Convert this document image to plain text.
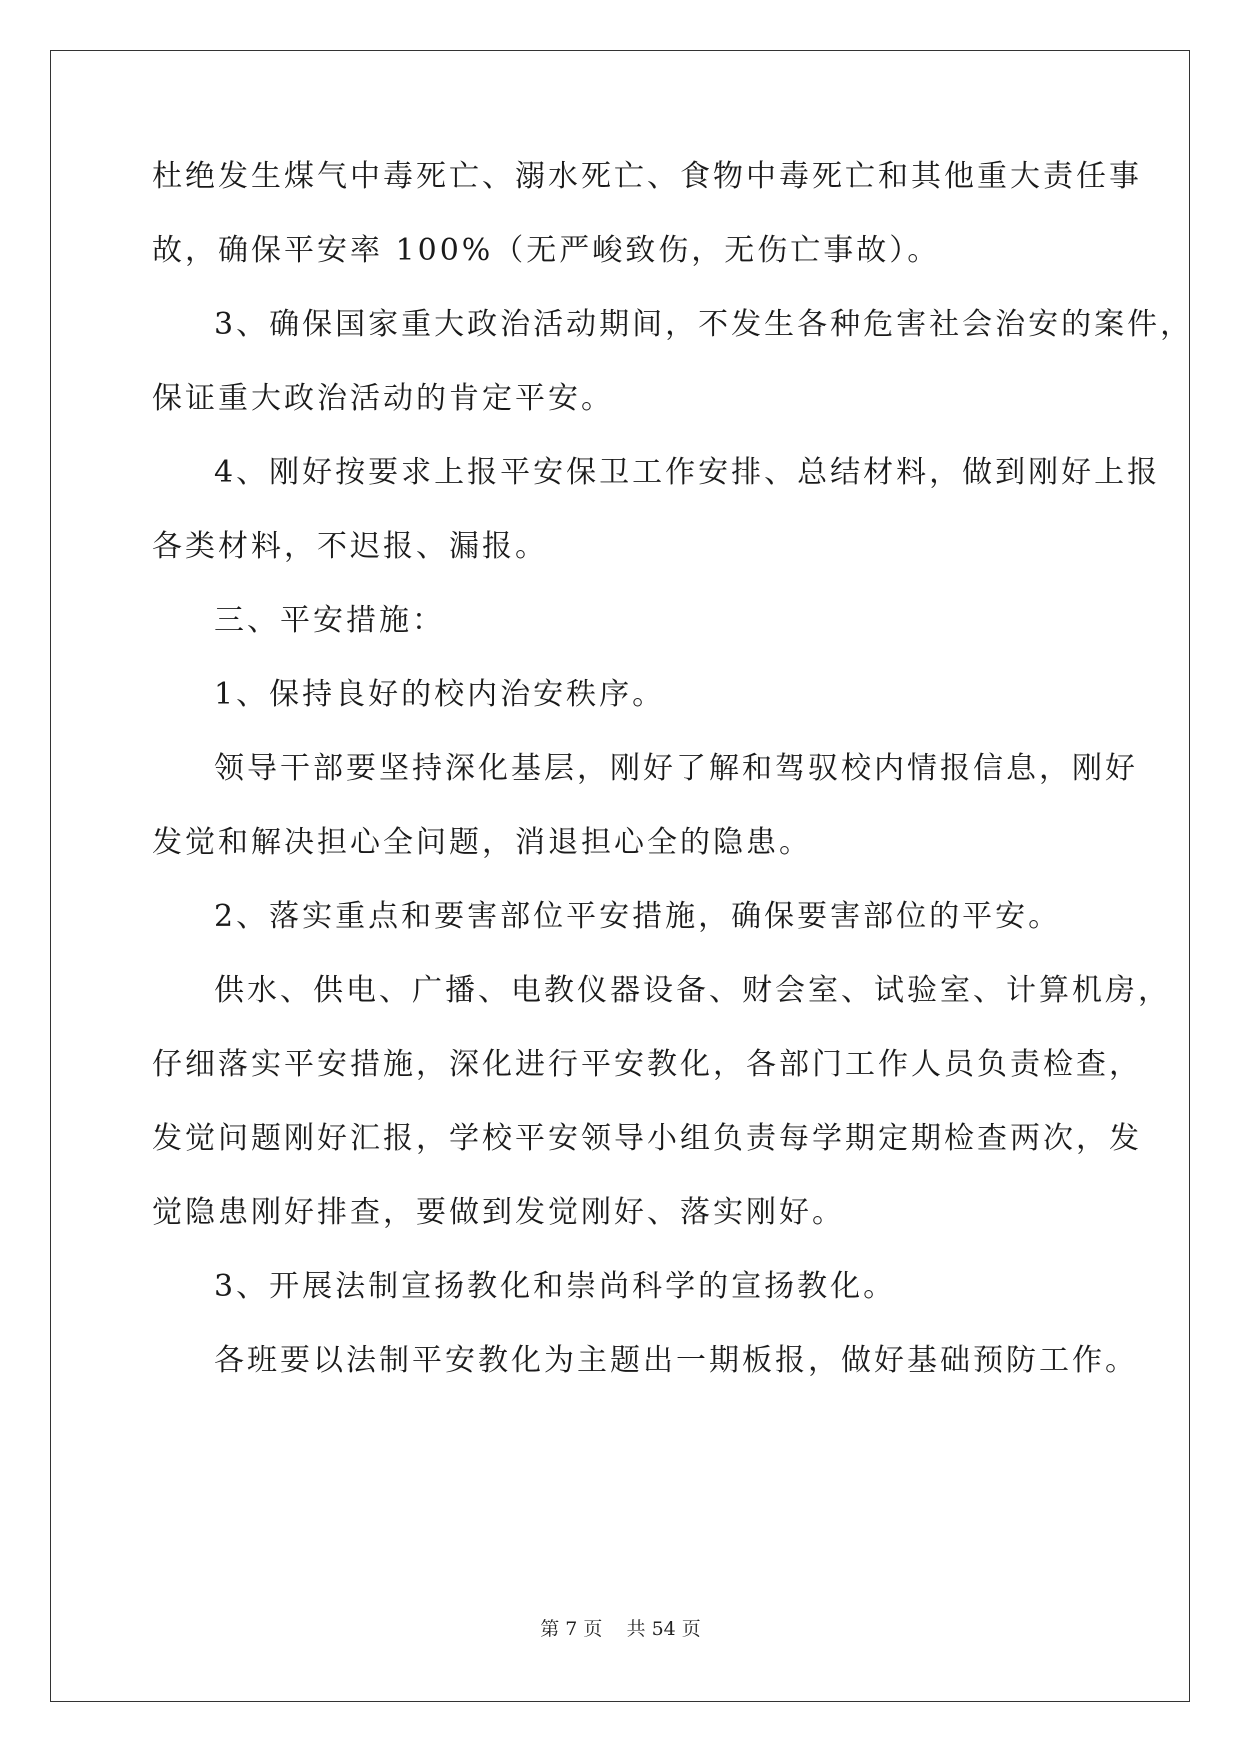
杜绝发生煤气中毒死亡、溺水死亡、食物中毒死亡和其他重大责任事
故，确保平安率 100%（无严峻致伤，无伤亡事故）。
3、确保国家重大政治活动期间，不发生各种危害社会治安的案件，
保证重大政治活动的肯定平安。
4、刚好按要求上报平安保卫工作安排、总结材料，做到刚好上报
各类材料，不迟报、漏报。
三、平安措施：
1、保持良好的校内治安秩序。
领导干部要坚持深化基层，刚好了解和驾驭校内情报信息，刚好
发觉和解决担心全问题，消退担心全的隐患。
2、落实重点和要害部位平安措施，确保要害部位的平安。
供水、供电、广播、电教仪器设备、财会室、试验室、计算机房，
仔细落实平安措施，深化进行平安教化，各部门工作人员负责检查，
发觉问题刚好汇报，学校平安领导小组负责每学期定期检查两次，发
觉隐患刚好排查，要做到发觉刚好、落实刚好。
3、开展法制宣扬教化和崇尚科学的宣扬教化。
各班要以法制平安教化为主题出一期板报，做好基础预防工作。
第 7 页    共 54 页
